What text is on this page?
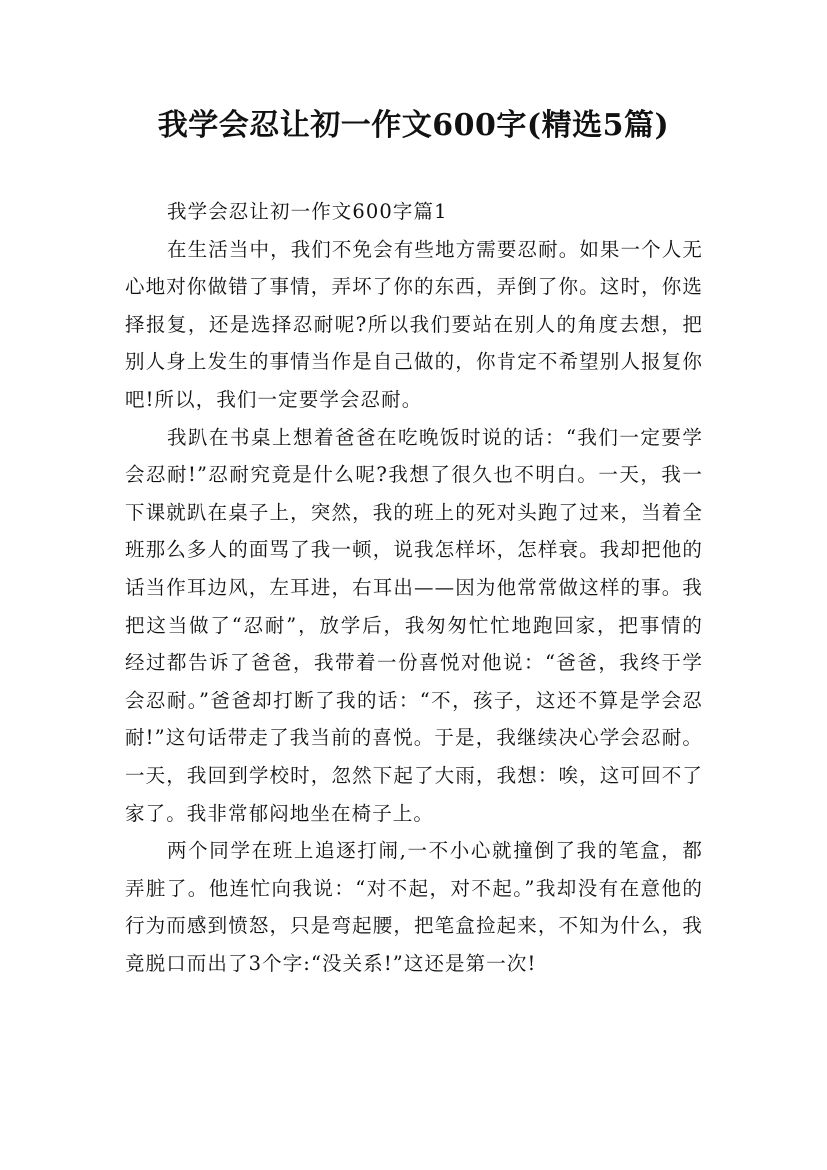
我学会忍让初一作文600字(精选5篇)

我学会忍让初一作文600字篇1

在生活当中，我们不免会有些地方需要忍耐。如果一个人无心地对你做错了事情，弄坏了你的东西，弄倒了你。这时，你选择报复，还是选择忍耐呢?所以我们要站在别人的角度去想，把别人身上发生的事情当作是自己做的，你肯定不希望别人报复你吧!所以，我们一定要学会忍耐。

我趴在书桌上想着爸爸在吃晚饭时说的话：“我们一定要学会忍耐!”忍耐究竟是什么呢?我想了很久也不明白。一天，我一下课就趴在桌子上，突然，我的班上的死对头跑了过来，当着全班那么多人的面骂了我一顿，说我怎样坏，怎样衰。我却把他的话当作耳边风，左耳进，右耳出——因为他常常做这样的事。我把这当做了“忍耐”，放学后，我匆匆忙忙地跑回家，把事情的经过都告诉了爸爸，我带着一份喜悦对他说：“爸爸，我终于学会忍耐。”爸爸却打断了我的话：“不，孩子，这还不算是学会忍耐!”这句话带走了我当前的喜悦。于是，我继续决心学会忍耐。一天，我回到学校时，忽然下起了大雨，我想：唉，这可回不了家了。我非常郁闷地坐在椅子上。

两个同学在班上追逐打闹,一不小心就撞倒了我的笔盒，都弄脏了。他连忙向我说：“对不起，对不起。”我却没有在意他的行为而感到愤怒，只是弯起腰，把笔盒捡起来，不知为什么，我竟脱口而出了3个字:“没关系!”这还是第一次!
